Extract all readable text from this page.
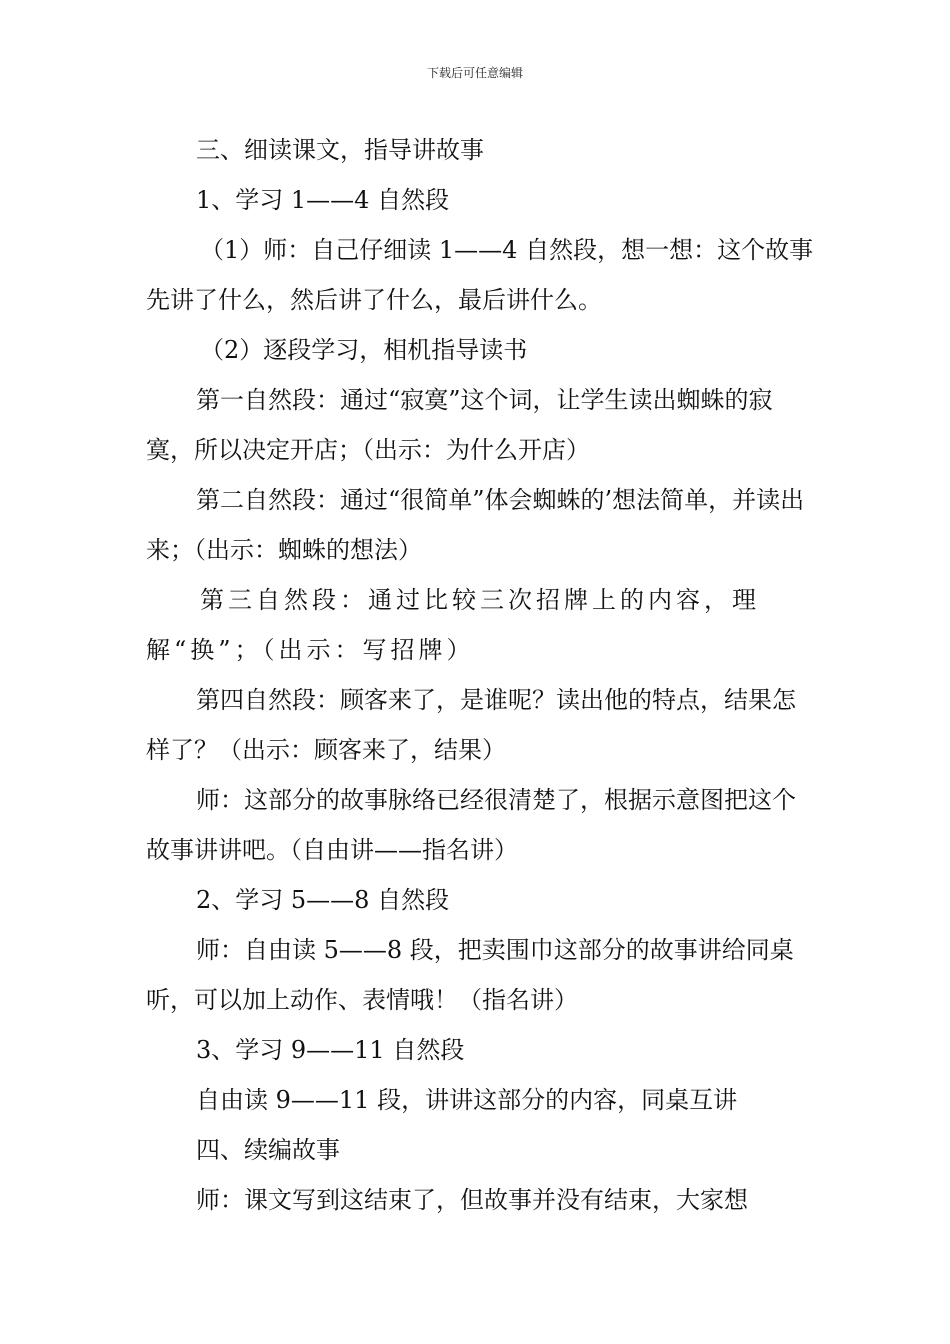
下载后可任意编辑

三、细读课文，指导讲故事

1、学习 1——4 自然段

（1）师：自己仔细读 1——4 自然段，想一想：这个故事先讲了什么，然后讲了什么，最后讲什么。

（2）逐段学习，相机指导读书

第一自然段：通过“寂寞”这个词，让学生读出蜘蛛的寂寞，所以决定开店；（出示：为什么开店）

第二自然段：通过“很简单”体会蜘蛛的’想法简单，并读出来；（出示：蜘蛛的想法）

第三自然段：通过比较三次招牌上的内容，理解“换”；（出示：写招牌）

第四自然段：顾客来了，是谁呢？读出他的特点，结果怎样了？（出示：顾客来了，结果）

师：这部分的故事脉络已经很清楚了，根据示意图把这个故事讲讲吧。（自由讲——指名讲）

2、学习 5——8 自然段

师：自由读 5——8 段，把卖围巾这部分的故事讲给同桌听，可以加上动作、表情哦！（指名讲）

3、学习 9——11 自然段

自由读 9——11 段，讲讲这部分的内容，同桌互讲

四、续编故事

师：课文写到这结束了，但故事并没有结束，大家想
